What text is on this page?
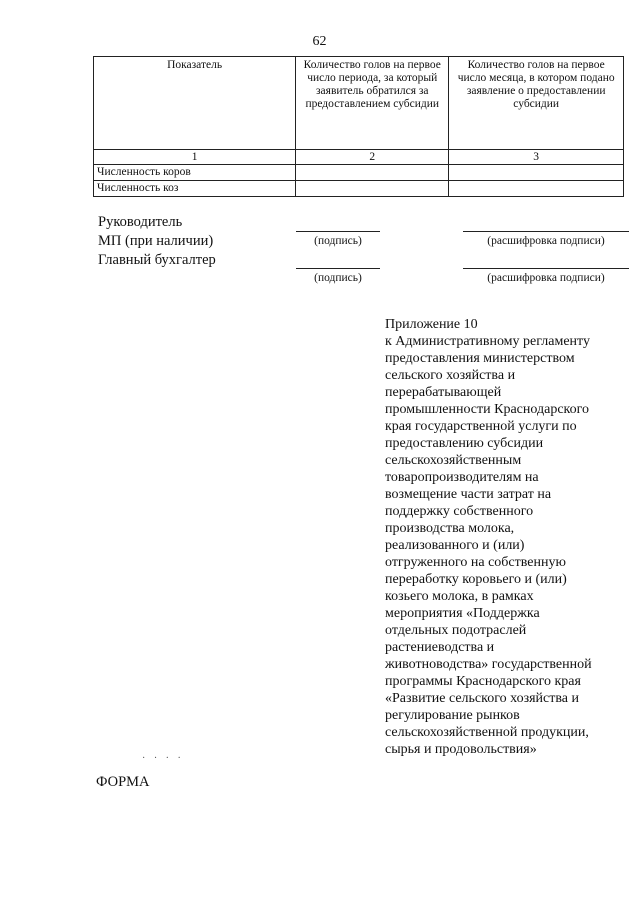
62
Показатель	Количество голов на первое число периода, за который заявитель обратился за предоставлением субсидии	Количество голов на первое число месяца, в котором подано заявление о предоставлении субсидии
1	2	3
Численность коров		
Численность коз		
Руководитель
МП (при наличии)
Главный бухгалтер
(подпись)	(расшифровка подписи)
(подпись)	(расшифровка подписи)
Приложение 10
к Административному регламенту
предоставления министерством
сельского хозяйства и
перерабатывающей
промышленности Краснодарского
края государственной услуги по
предоставлению субсидии
сельскохозяйственным
товаропроизводителям на
возмещение части затрат на
поддержку собственного
производства молока,
реализованного и (или)
отгруженного на собственную
переработку коровьего и (или)
козьего молока, в рамках
мероприятия «Поддержка
отдельных подотраслей
растениеводства и
животноводства» государственной
программы Краснодарского края
«Развитие сельского хозяйства и
регулирование рынков
сельскохозяйственной продукции,
сырья и продовольствия»
· · · ·
ФОРМА
